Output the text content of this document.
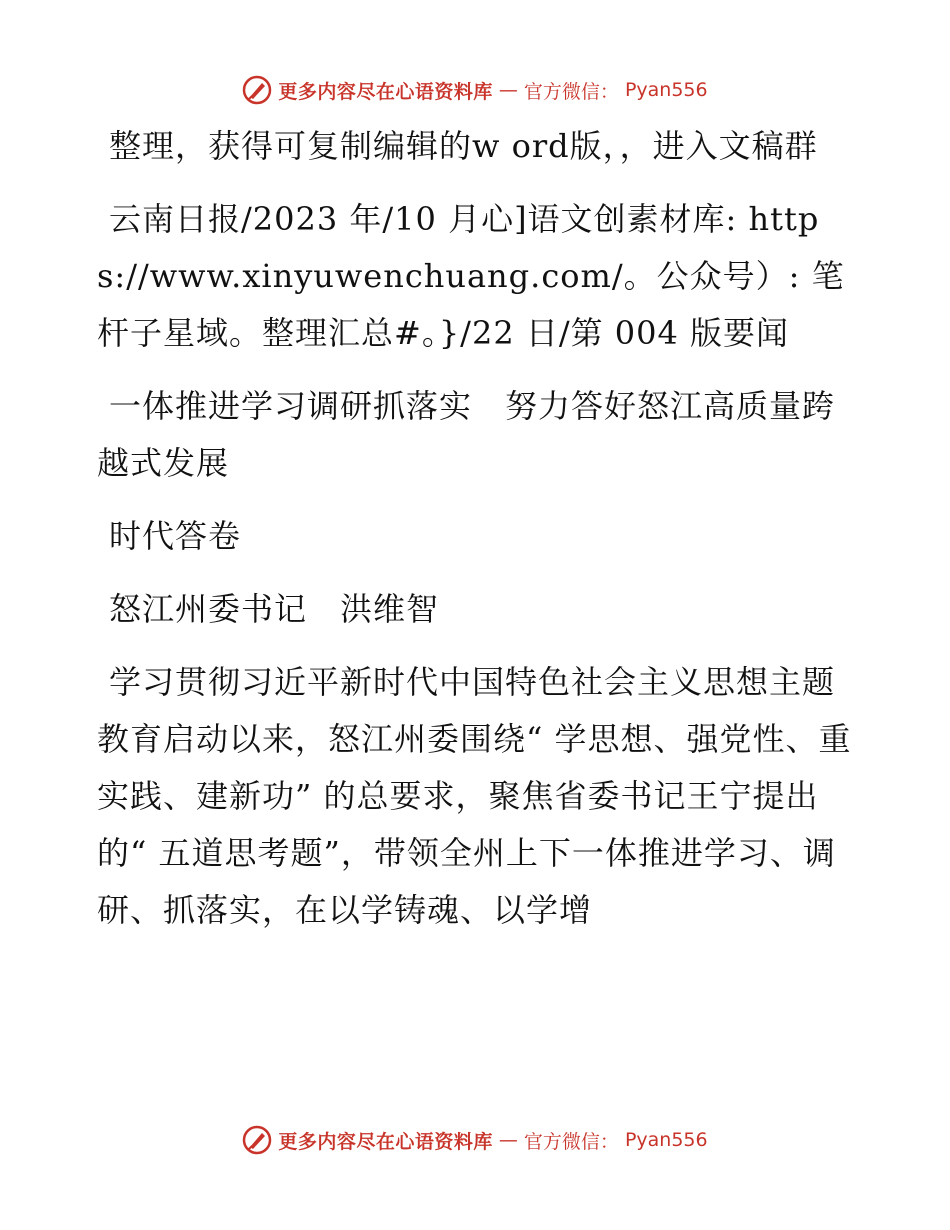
更多内容尽在心语资料库 — 官方微信： Pyan556

整理，获得可复制编辑的w ord版，，进入文稿群

云南日报/2023 年/10 月心]语文创素材库: https://www.xinyuwenchuang.com/。公众号）: 笔杆子星域。整理汇总#。}/22 日/第 004 版要闻

一体推进学习调研抓落实　努力答好怒江高质量跨越式发展

时代答卷

怒江州委书记　洪维智

学习贯彻习近平新时代中国特色社会主义思想主题教育启动以来，怒江州委围绕“ 学思想、强党性、重实践、建新功” 的总要求，聚焦省委书记王宁提出的“ 五道思考题”，带领全州上下一体推进学习、调研、抓落实，在以学铸魂、以学增

更多内容尽在心语资料库 — 官方微信： Pyan556
